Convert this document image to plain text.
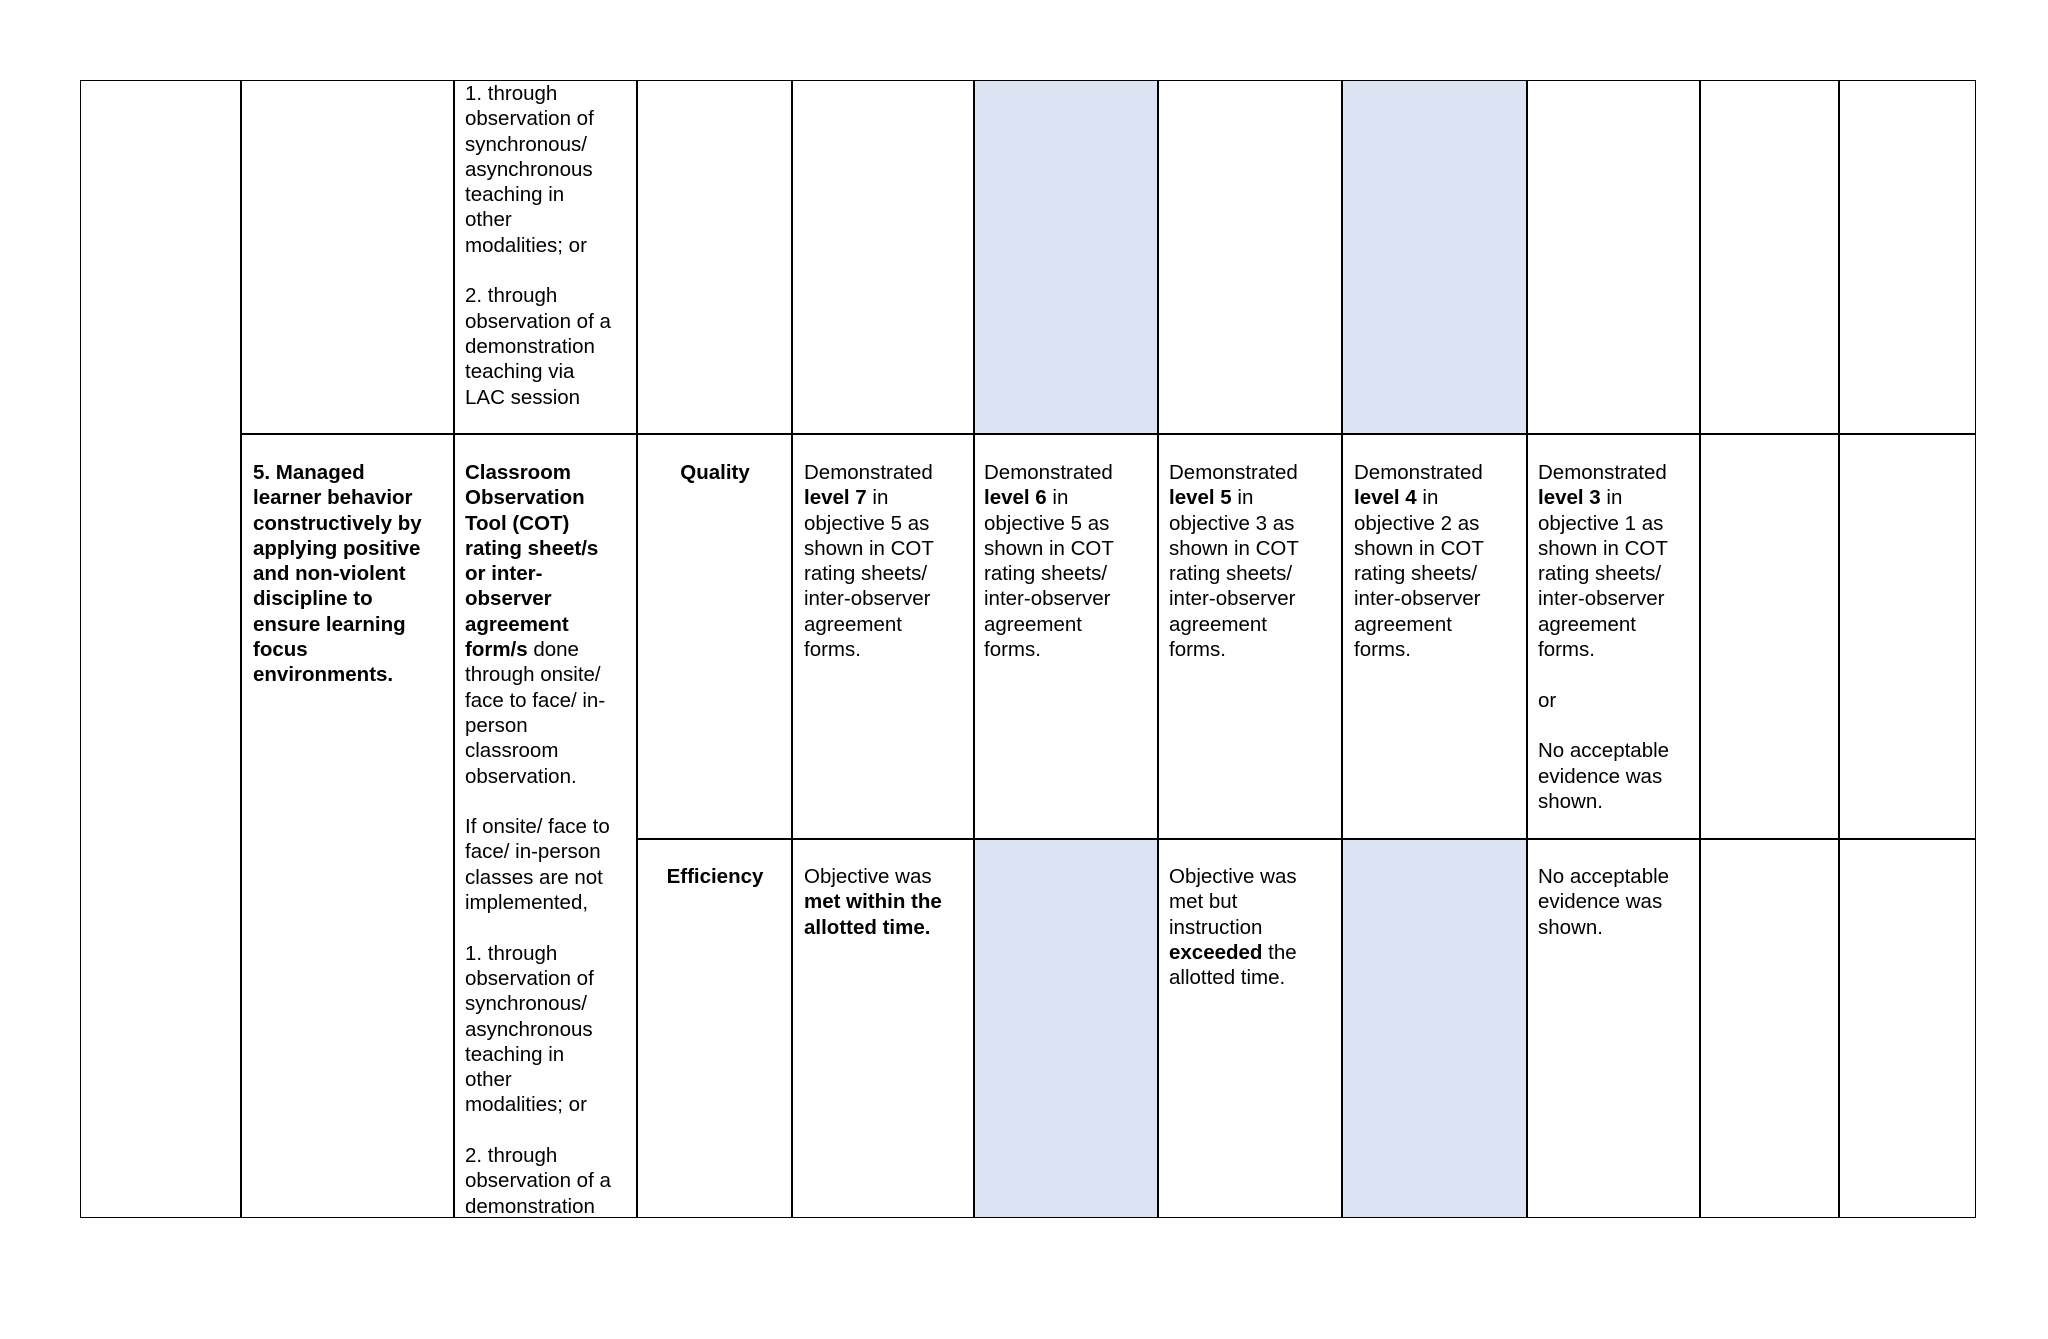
1. through
observation of
synchronous/
asynchronous
teaching in
other
modalities; or

2. through
observation of a
demonstration
teaching via
LAC session
5. Managed
learner behavior
constructively by
applying positive
and non-violent
discipline to
ensure learning
focus
environments.
Classroom
Observation
Tool (COT)
rating sheet/s
or inter-
observer
agreement
form/s done
through onsite/
face to face/ in-
person
classroom
observation.

If onsite/ face to
face/ in-person
classes are not
implemented,

1. through
observation of
synchronous/
asynchronous
teaching in
other
modalities; or

2. through
observation of a
demonstration
Quality	Demonstrated
level 7 in
objective 5 as
shown in COT
rating sheets/
inter-observer
agreement
forms.
Demonstrated
level 6 in
objective 5 as
shown in COT
rating sheets/
inter-observer
agreement
forms.
Demonstrated
level 5 in
objective 3 as
shown in COT
rating sheets/
inter-observer
agreement
forms.
Demonstrated
level 4 in
objective 2 as
shown in COT
rating sheets/
inter-observer
agreement
forms.
Demonstrated
level 3 in
objective 1 as
shown in COT
rating sheets/
inter-observer
agreement
forms.

or

No acceptable
evidence was
shown.
Efficiency	Objective was
met within the
allotted time.
Objective was
met but
instruction
exceeded the
allotted time.
No acceptable
evidence was
shown.
